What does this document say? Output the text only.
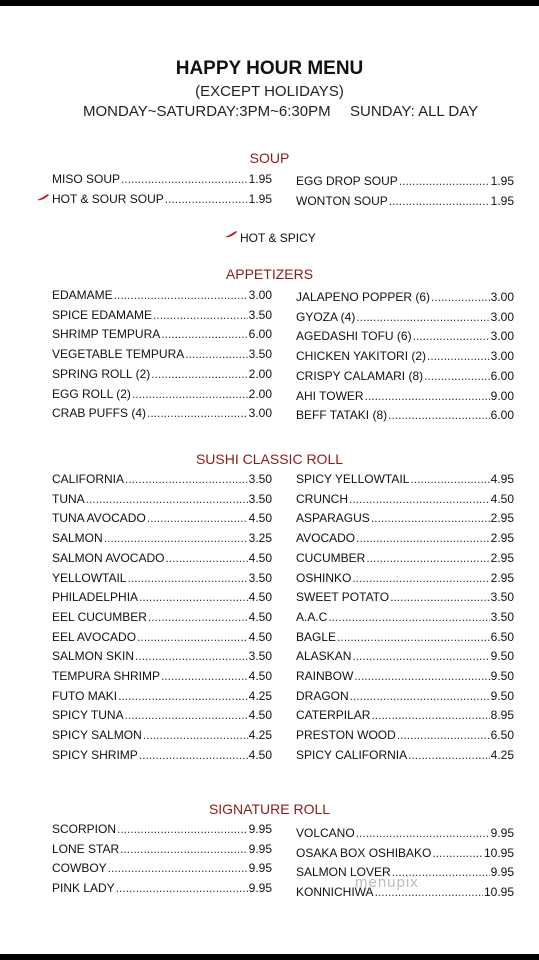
HAPPY HOUR MENU
(EXCEPT HOLIDAYS)
MONDAY~SATURDAY:3PM~6:30PM SUNDAY: ALL DAY
SOUP
HOT & SPICY
APPETIZERS
SUSHI CLASSIC ROLL
SIGNATURE ROLL
MISO SOUP .....	1.95
HOT & SOUR SOUP .....	1.95
EGG DROP SOUP .....	1.95
WONTON SOUP .....	1.95
EDAMAME .....	3.00
SPICE EDAMAME .....	3.50
SHRIMP TEMPURA .....	6.00
VEGETABLE TEMPURA .....	3.50
SPRING ROLL (2) .....	2.00
EGG ROLL (2) .....	2.00
CRAB PUFFS (4) .....	3.00
JALAPENO POPPER (6) .....	3.00
GYOZA (4) .....	3.00
AGEDASHI TOFU (6) .....	3.00
CHICKEN YAKITORI (2) .....	3.00
CRISPY CALAMARI (8) .....	6.00
AHI TOWER .....	9.00
BEFF TATAKI (8) .....	6.00
CALIFORNIA .....	3.50
TUNA .....	3.50
TUNA AVOCADO .....	4.50
SALMON .....	3.25
SALMON AVOCADO .....	4.50
YELLOWTAIL .....	3.50
PHILADELPHIA .....	4.50
EEL CUCUMBER .....	4.50
EEL AVOCADO .....	4.50
SALMON SKIN .....	3.50
TEMPURA SHRIMP .....	4.50
FUTO MAKI .....	4.25
SPICY TUNA .....	4.50
SPICY SALMON .....	4.25
SPICY SHRIMP .....	4.50
SPICY YELLOWTAIL .....	4.95
CRUNCH .....	4.50
ASPARAGUS .....	2.95
AVOCADO .....	2.95
CUCUMBER .....	2.95
OSHINKO .....	2.95
SWEET POTATO .....	3.50
A.A.C .....	3.50
BAGLE .....	6.50
ALASKAN .....	9.50
RAINBOW .....	9.50
DRAGON .....	9.50
CATERPILAR .....	8.95
PRESTON WOOD .....	6.50
SPICY CALIFORNIA .....	4.25
SCORPION .....	9.95
LONE STAR .....	9.95
COWBOY .....	9.95
PINK LADY .....	9.95
VOLCANO .....	9.95
OSAKA BOX OSHIBAKO .....	10.95
SALMON LOVER .....	9.95
KONNICHIWA .....	10.95
menupix
